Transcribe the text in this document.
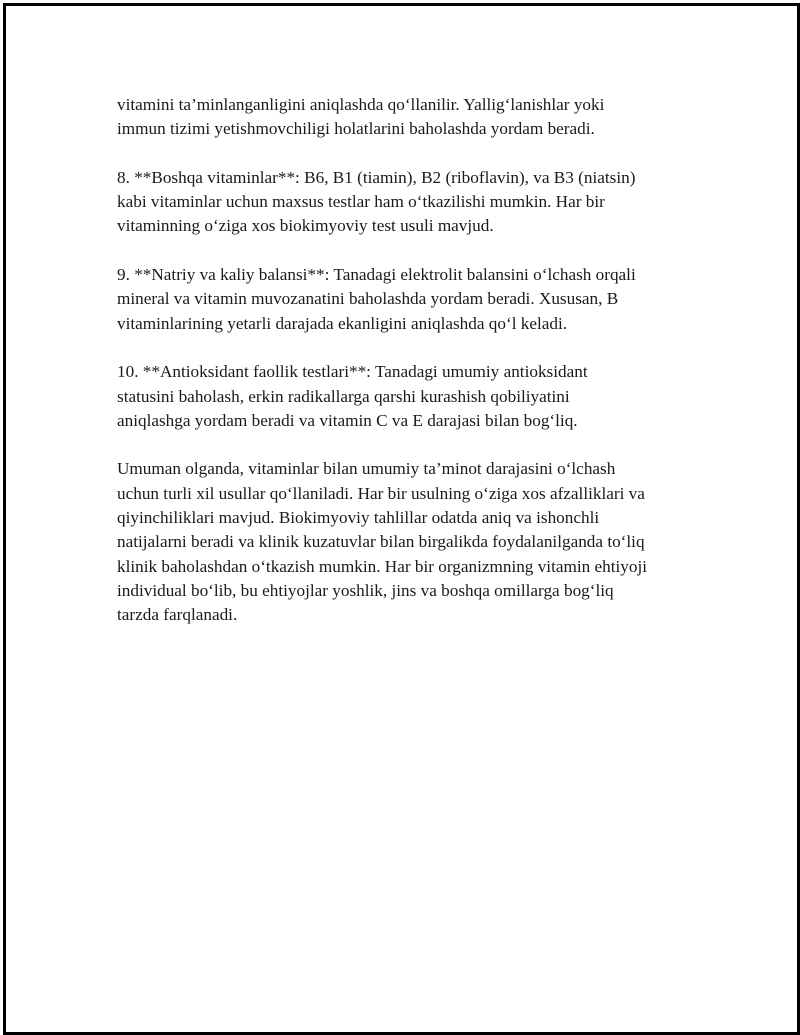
vitamini ta’minlanganligini aniqlashda qo‘llanilir. Yallig‘lanishlar yoki
immun tizimi yetishmovchiligi holatlarini baholashda yordam beradi.

8. **Boshqa vitaminlar**: B6, B1 (tiamin), B2 (riboflavin), va B3 (niatsin)
kabi vitaminlar uchun maxsus testlar ham o‘tkazilishi mumkin. Har bir
vitaminning o‘ziga xos biokimyoviy test usuli mavjud.

9. **Natriy va kaliy balansi**: Tanadagi elektrolit balansini o‘lchash orqali
mineral va vitamin muvozanatini baholashda yordam beradi. Xususan, B
vitaminlarining yetarli darajada ekanligini aniqlashda qo‘l keladi.

10. **Antioksidant faollik testlari**: Tanadagi umumiy antioksidant
statusini baholash, erkin radikallarga qarshi kurashish qobiliyatini
aniqlashga yordam beradi va vitamin C va E darajasi bilan bog‘liq.

Umuman olganda, vitaminlar bilan umumiy ta’minot darajasini o‘lchash
uchun turli xil usullar qo‘llaniladi. Har bir usulning o‘ziga xos afzalliklari va
qiyinchiliklari mavjud. Biokimyoviy tahlillar odatda aniq va ishonchli
natijalarni beradi va klinik kuzatuvlar bilan birgalikda foydalanilganda to‘liq
klinik baholashdan o‘tkazish mumkin. Har bir organizmning vitamin ehtiyoji
individual bo‘lib, bu ehtiyojlar yoshlik, jins va boshqa omillarga bog‘liq
tarzda farqlanadi.
